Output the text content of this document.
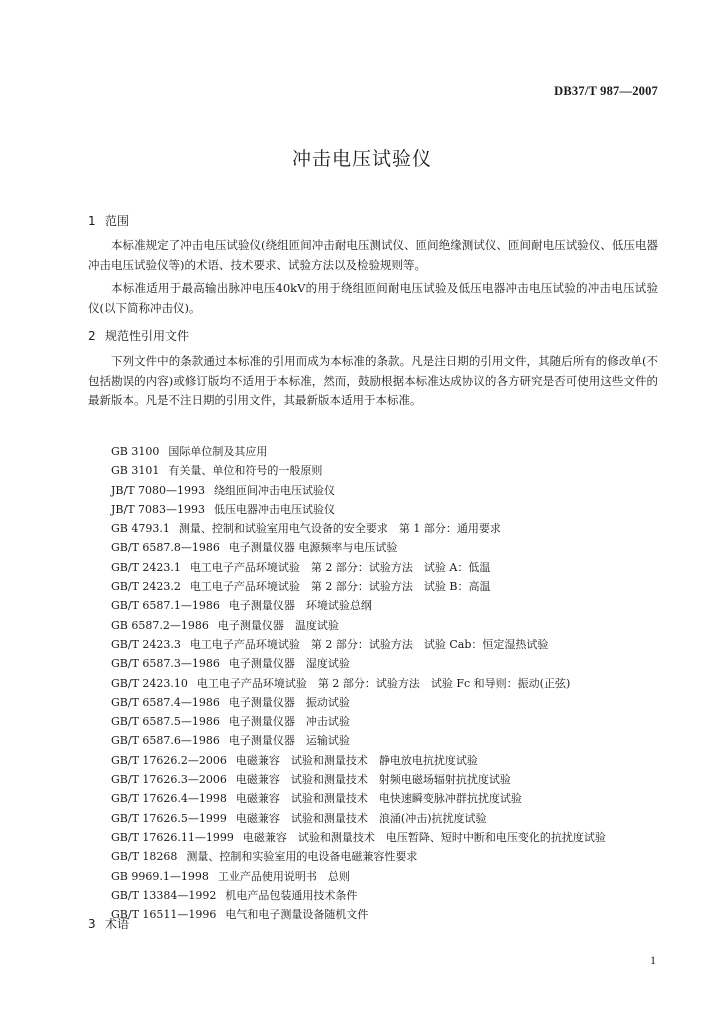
DB37/T 987—2007
冲击电压试验仪
1 范围
本标准规定了冲击电压试验仪(绕组匝间冲击耐电压测试仪、匝间绝缘测试仪、匝间耐电压试验仪、低压电器冲击电压试验仪等)的术语、技术要求、试验方法以及检验规则等。
本标准适用于最高输出脉冲电压40kV的用于绕组匝间耐电压试验及低压电器冲击电压试验的冲击电压试验仪(以下简称冲击仪)。
2 规范性引用文件
下列文件中的条款通过本标准的引用而成为本标准的条款。凡是注日期的引用文件，其随后所有的修改单(不包括勘误的内容)或修订版均不适用于本标准，然而，鼓励根据本标准达成协议的各方研究是否可使用这些文件的最新版本。凡是不注日期的引用文件，其最新版本适用于本标准。
GB 3100 国际单位制及其应用
GB 3101 有关量、单位和符号的一般原则
JB/T 7080—1993 绕组匝间冲击电压试验仪
JB/T 7083—1993 低压电器冲击电压试验仪
GB 4793.1 测量、控制和试验室用电气设备的安全要求　第 1 部分：通用要求
GB/T 6587.8—1986 电子测量仪器 电源频率与电压试验
GB/T 2423.1 电工电子产品环境试验　第 2 部分：试验方法　试验 A：低温
GB/T 2423.2 电工电子产品环境试验　第 2 部分：试验方法　试验 B：高温
GB/T 6587.1—1986 电子测量仪器　环境试验总纲
GB 6587.2—1986 电子测量仪器　温度试验
GB/T 2423.3 电工电子产品环境试验　第 2 部分：试验方法　试验 Cab：恒定湿热试验
GB/T 6587.3—1986 电子测量仪器　湿度试验
GB/T 2423.10 电工电子产品环境试验　第 2 部分：试验方法　试验 Fc 和导则：振动(正弦)
GB/T 6587.4—1986 电子测量仪器　振动试验
GB/T 6587.5—1986 电子测量仪器　冲击试验
GB/T 6587.6—1986 电子测量仪器　运输试验
GB/T 17626.2—2006 电磁兼容　试验和测量技术　静电放电抗扰度试验
GB/T 17626.3—2006 电磁兼容　试验和测量技术　射频电磁场辐射抗扰度试验
GB/T 17626.4—1998 电磁兼容　试验和测量技术　电快速瞬变脉冲群抗扰度试验
GB/T 17626.5—1999 电磁兼容　试验和测量技术　浪涌(冲击)抗扰度试验
GB/T 17626.11—1999 电磁兼容　试验和测量技术　电压暂降、短时中断和电压变化的抗扰度试验
GB/T 18268 测量、控制和实验室用的电设备电磁兼容性要求
GB 9969.1—1998 工业产品使用说明书　总则
GB/T 13384—1992 机电产品包装通用技术条件
GB/T 16511—1996 电气和电子测量设备随机文件
3 术语
1
